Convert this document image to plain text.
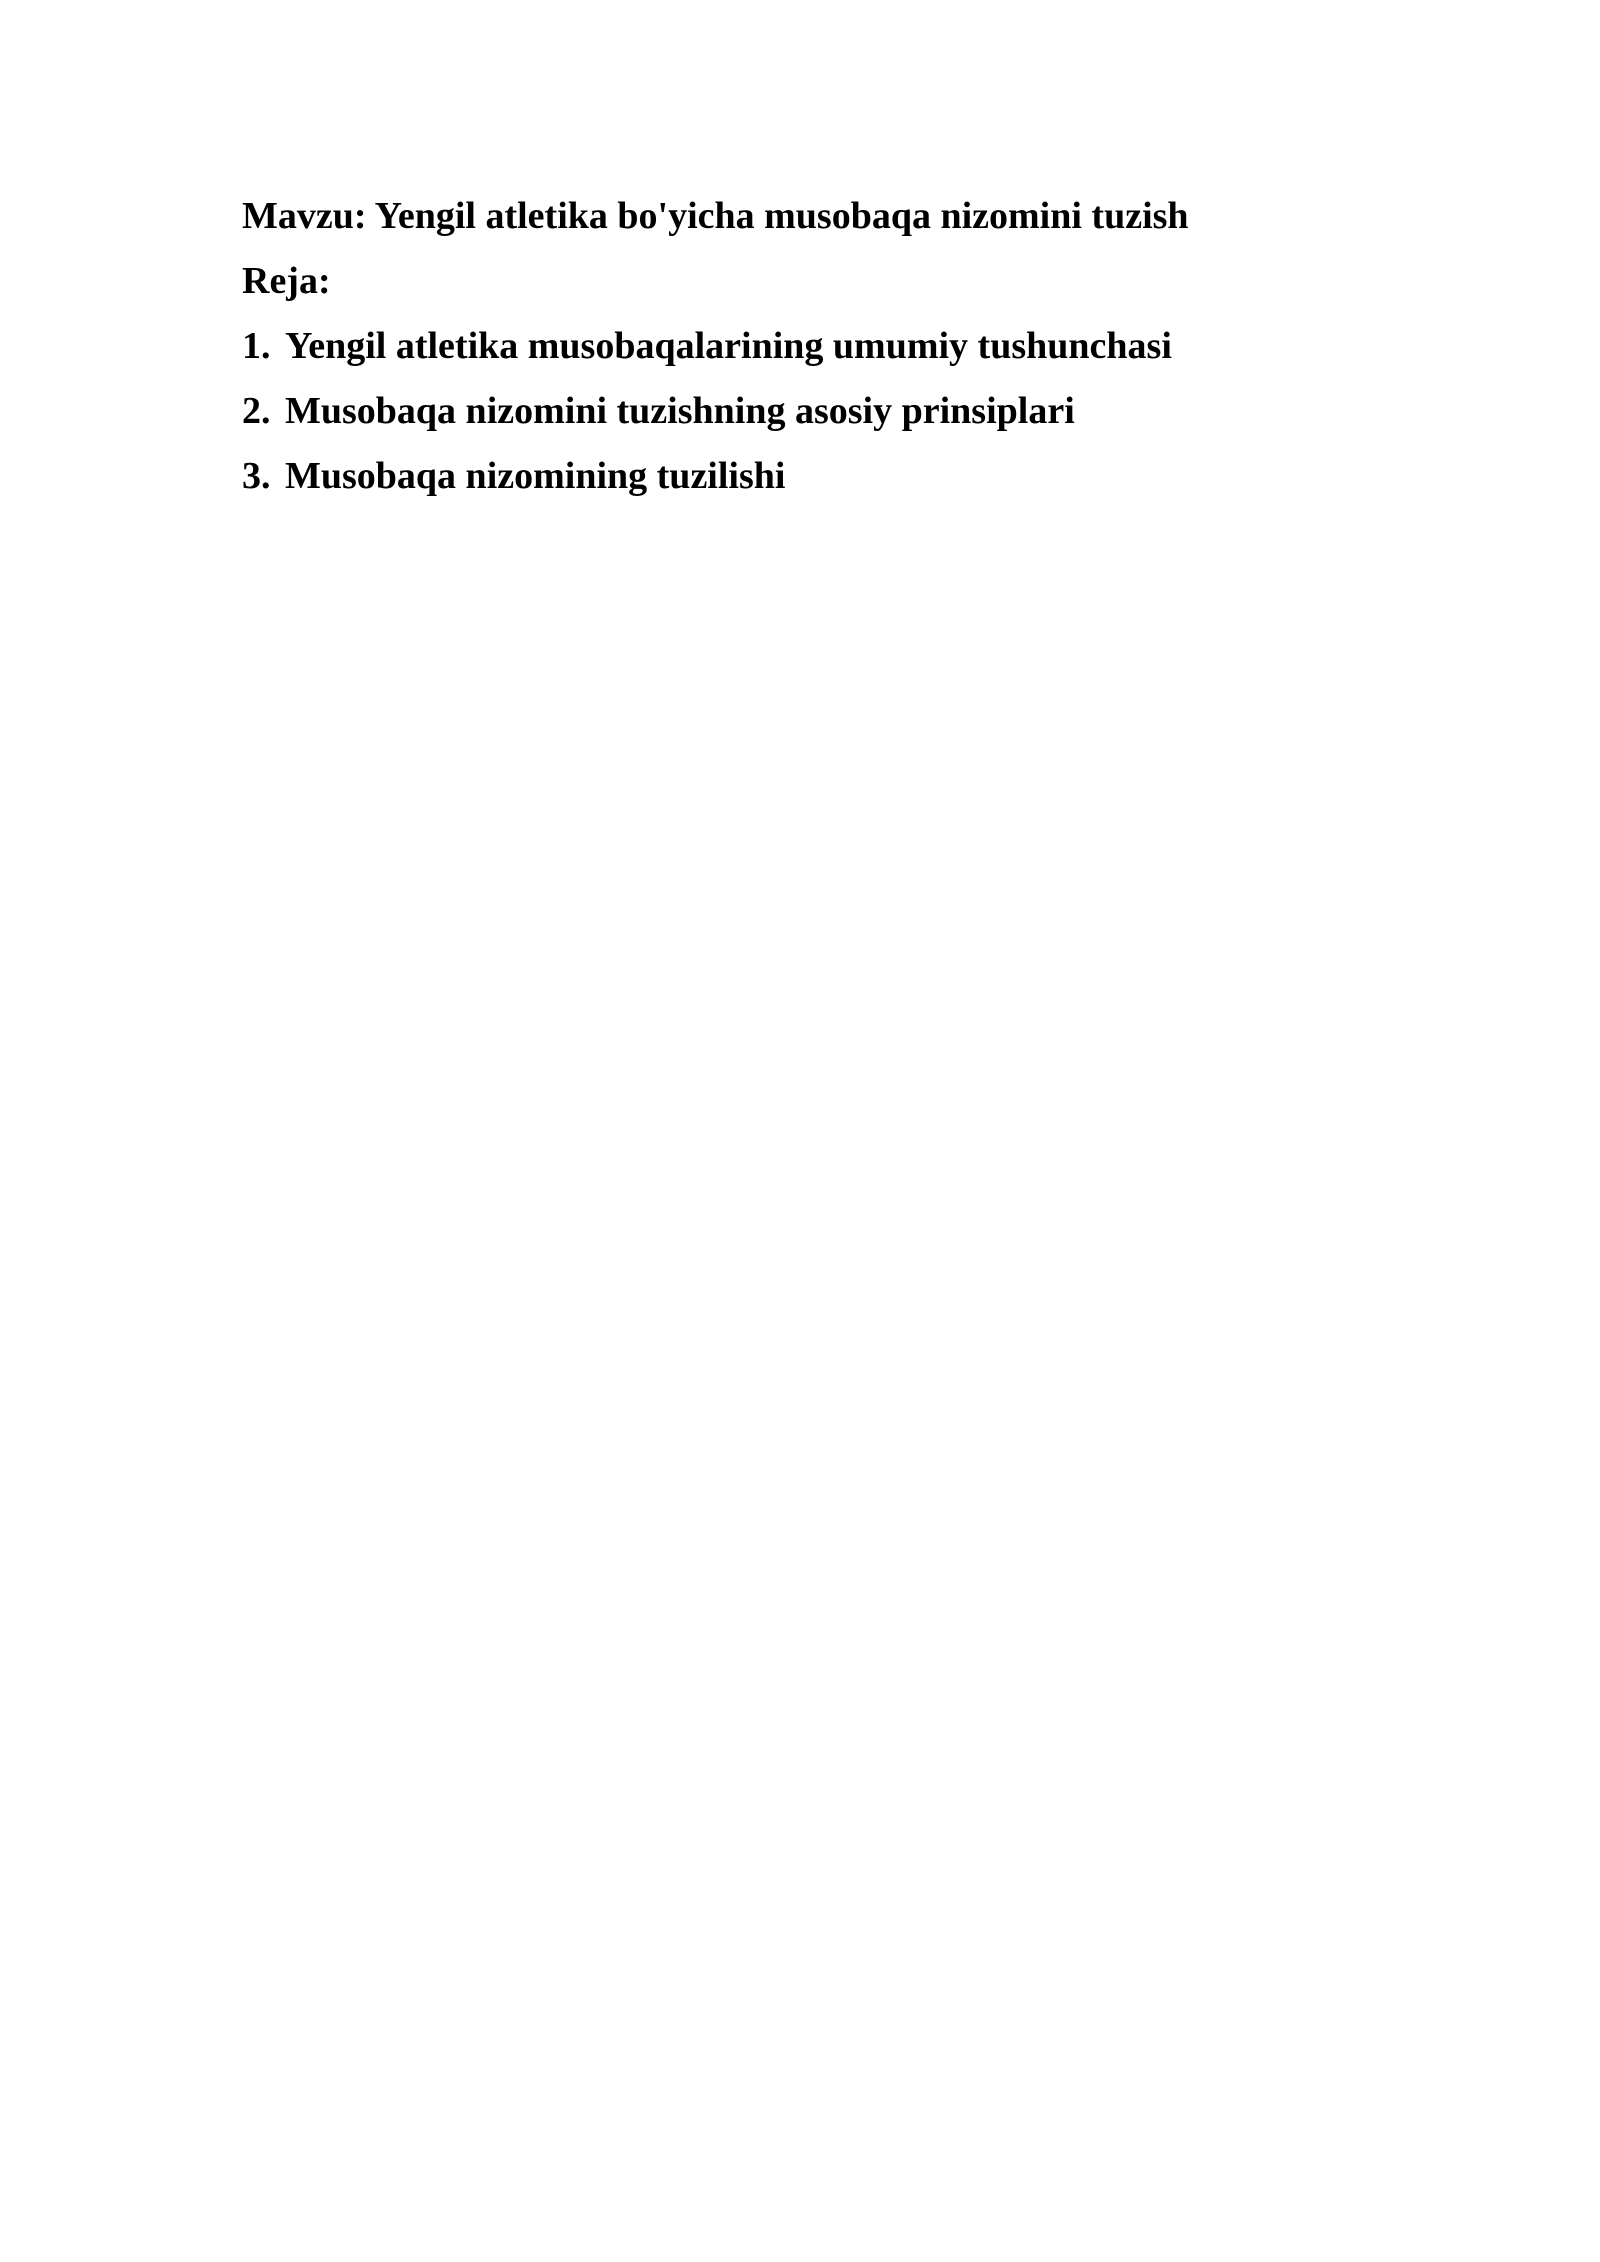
Mavzu: Yengil atletika bo'yicha musobaqa nizomini tuzish
Reja:
1. Yengil atletika musobaqalarining umumiy tushunchasi
2. Musobaqa nizomini tuzishning asosiy prinsiplari
3. Musobaqa nizomining tuzilishi
